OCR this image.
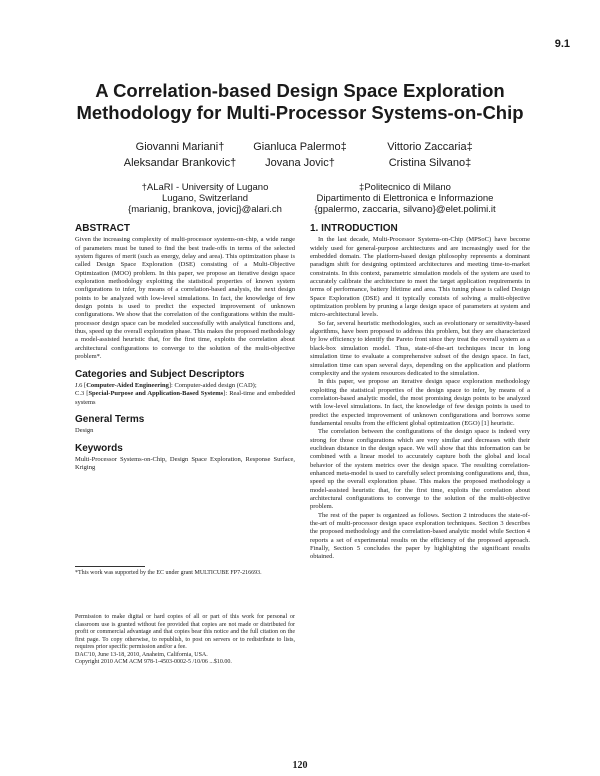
9.1
A Correlation-based Design Space Exploration
Methodology for Multi-Processor Systems-on-Chip
Giovanni Mariani†	Gianluca Palermo‡	Vittorio Zaccaria‡
Aleksandar Brankovic†	Jovana Jovic†	Cristina Silvano‡
†ALaRI - University of Lugano
Lugano, Switzerland
{marianig, brankova, jovicj}@alari.ch
‡Politecnico di Milano
Dipartimento di Elettronica e Informazione
{gpalermo, zaccaria, silvano}@elet.polimi.it
ABSTRACT

Given the increasing complexity of multi-processor systems-on-chip, a wide range of parameters must be tuned to find the best trade-offs in terms of the selected system figures of merit (such as energy, delay and area). This optimization phase is called Design Space Exploration (DSE) consisting of a Multi-Objective Optimization (MOO) problem. In this paper, we propose an iterative design space exploration methodology exploiting the statistical properties of known system configurations to infer, by means of a correlation-based analysis, the next design points to be analyzed with low-level simulations. In fact, the knowledge of few design points is used to predict the expected improvement of unknown configurations. We show that the correlation of the configurations within the multi-processor design space can be modeled successfully with analytical functions and, thus, speed up the overall exploration phase. This makes the proposed methodology a model-assisted heuristic that, for the first time, exploits the correlation about architectural configurations to converge to the solution of the multi-objective problem*.

Categories and Subject Descriptors

J.6 [Computer-Aided Engineering]: Computer-aided design (CAD);

C.3 [Special-Purpose and Application-Based Systems]: Real-time and embedded systems

General Terms

Design

Keywords

Multi-Processor Systems-on-Chip, Design Space Exploration, Response Surface, Kriging

*This work was supported by the EC under grant MULTICUBE FP7-216693.
Permission to make digital or hard copies of all or part of this work for personal or classroom use is granted without fee provided that copies are not made or distributed for profit or commercial advantage and that copies bear this notice and the full citation on the first page. To copy otherwise, to republish, to post on servers or to redistribute to lists, requires prior specific permission and/or a fee.
DAC'10, June 13-18, 2010, Anaheim, California, USA.
Copyright 2010 ACM ACM 978-1-4503-0002-5 /10/06 ...$10.00.
1. INTRODUCTION

In the last decade, Multi-Processor Systems-on-Chip (MPSoC) have become widely used for general-purpose architectures and are increasingly used for the embedded domain. The platform-based design philosophy represents a dominant paradigm shift for designing optimized architectures and meeting time-to-market constraints. In this context, parametric simulation models of the system are used to accurately calibrate the architecture to meet the target application requirements in terms of performance, battery lifetime and area. This tuning phase is called Design Space Exploration (DSE) and it typically consists of solving a multi-objective optimization problem by pruning a large design space of parameters at system and micro-architectural levels.

So far, several heuristic methodologies, such as evolutionary or sensitivity-based algorithms, have been proposed to address this problem, but they are characterized by low efficiency to identify the Pareto front since they treat the overall system as a black-box simulation model. Thus, state-of-the-art techniques incur in long simulation time to evaluate a comprehensive subset of the design space. In fact, simulation time can span several days, depending on the application and platform complexity and the system resources dedicated to the simulation.

In this paper, we propose an iterative design space exploration methodology exploiting the statistical properties of the design space to infer, by means of a correlation-based analytic model, the most promising design points to be analyzed with low-level simulations. In fact, the knowledge of few design points is used to predict the expected improvement of unknown configurations and borrows some fundamental results from the efficient global optimization (EGO) [1] heuristic.

The correlation between the configurations of the design space is indeed very strong for those configurations which are very similar and decreases with their euclidean distance in the design space. We will show that this information can be combined with a linear model to accurately capture both the global and local behavior of the system metrics over the design space. The resulting correlation-enhanced meta-model is used to carefully select promising configurations and, thus, speed up the overall exploration phase. This makes the proposed methodology a model-assisted heuristic that, for the first time, exploits the correlation about architectural configurations to converge to the solution of the multi-objective problem.

The rest of the paper is organized as follows. Section 2 introduces the state-of-the-art of multi-processor design space exploration techniques. Section 3 describes the proposed methodology and the correlation-based analytic model while Section 4 reports a set of experimental results on the efficiency of the proposed approach. Finally, Section 5 concludes the paper by highlighting the significant results obtained.

120
